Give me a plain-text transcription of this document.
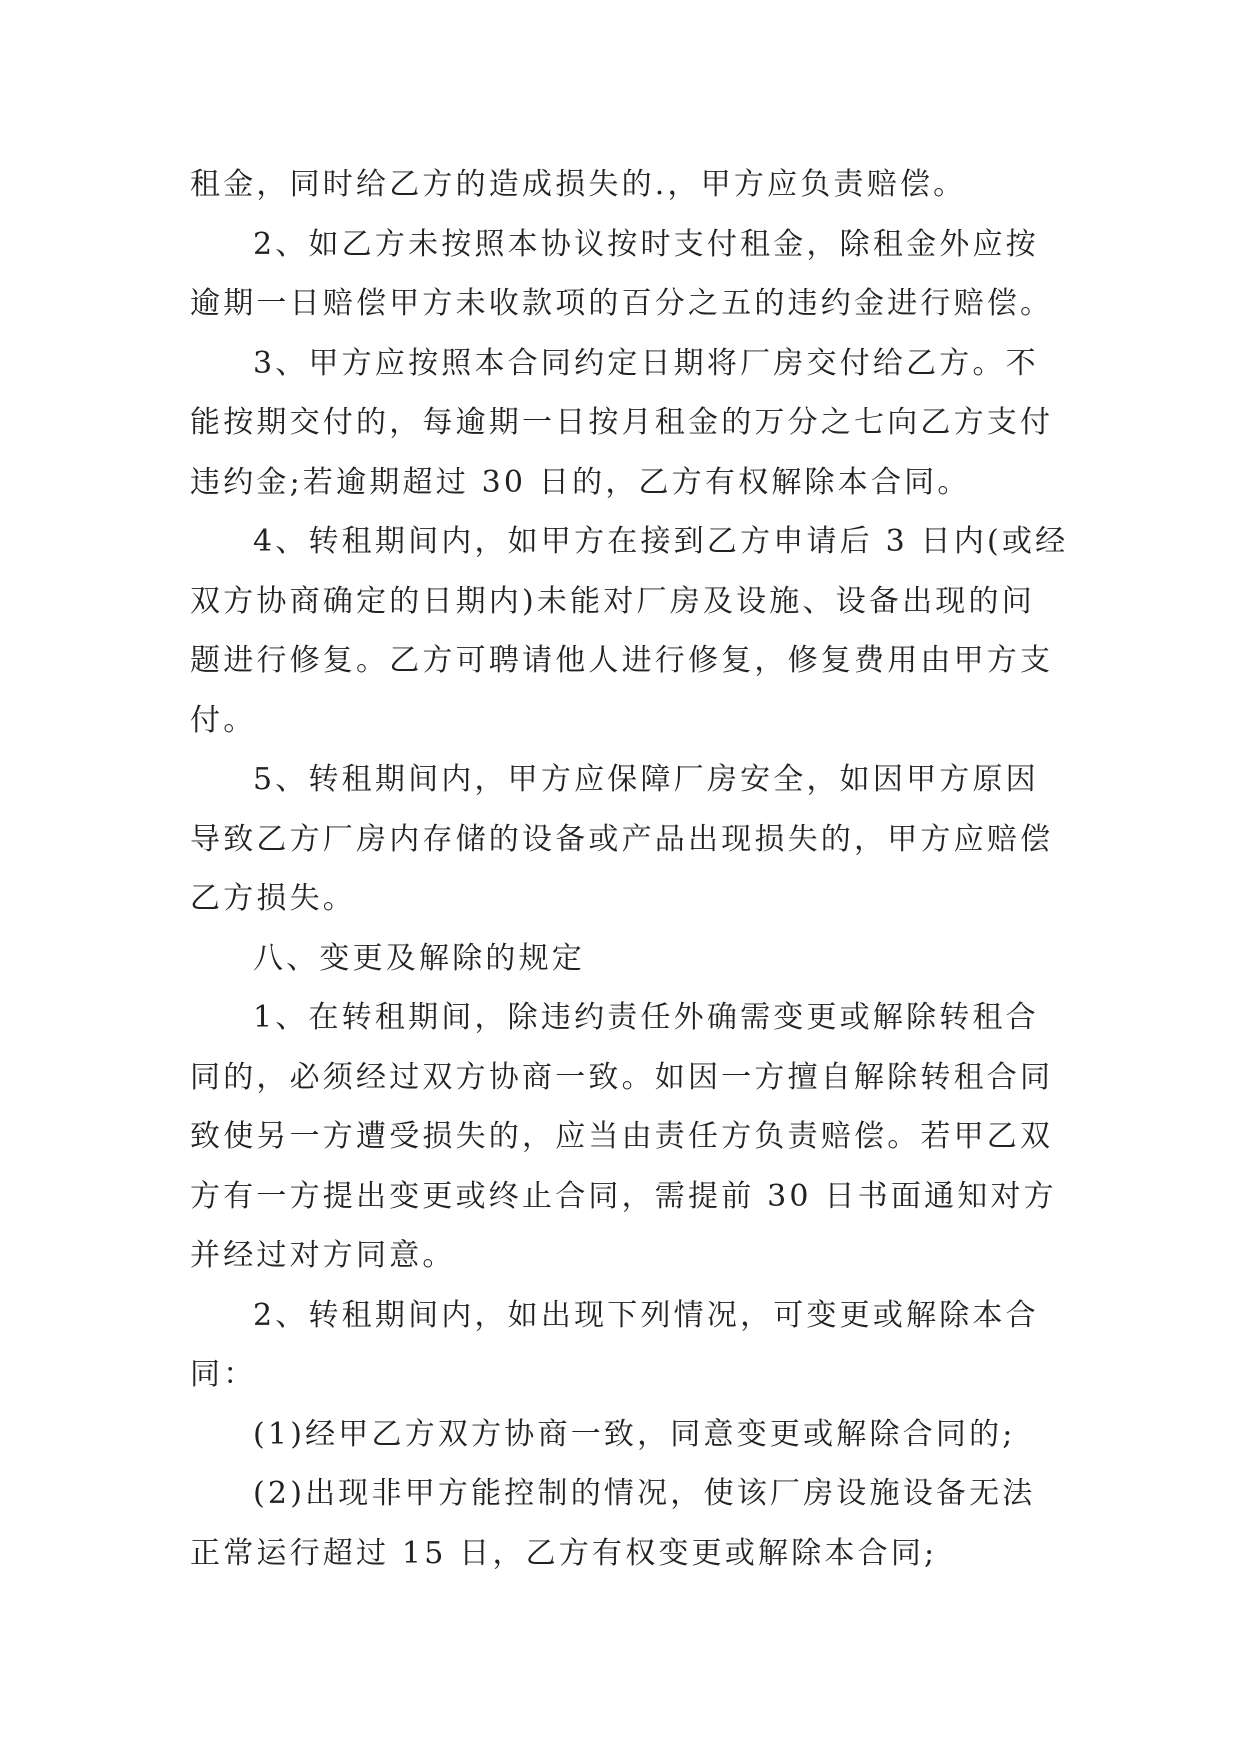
租金，同时给乙方的造成损失的.，甲方应负责赔偿。
2、如乙方未按照本协议按时支付租金，除租金外应按
逾期一日赔偿甲方未收款项的百分之五的违约金进行赔偿。
3、甲方应按照本合同约定日期将厂房交付给乙方。不
能按期交付的，每逾期一日按月租金的万分之七向乙方支付
违约金;若逾期超过 30 日的，乙方有权解除本合同。
4、转租期间内，如甲方在接到乙方申请后 3 日内(或经
双方协商确定的日期内)未能对厂房及设施、设备出现的问
题进行修复。乙方可聘请他人进行修复，修复费用由甲方支
付。
5、转租期间内，甲方应保障厂房安全，如因甲方原因
导致乙方厂房内存储的设备或产品出现损失的，甲方应赔偿
乙方损失。
八、变更及解除的规定
1、在转租期间，除违约责任外确需变更或解除转租合
同的，必须经过双方协商一致。如因一方擅自解除转租合同
致使另一方遭受损失的，应当由责任方负责赔偿。若甲乙双
方有一方提出变更或终止合同，需提前 30 日书面通知对方
并经过对方同意。
2、转租期间内，如出现下列情况，可变更或解除本合
同：
(1)经甲乙方双方协商一致，同意变更或解除合同的;
(2)出现非甲方能控制的情况，使该厂房设施设备无法
正常运行超过 15 日，乙方有权变更或解除本合同;
